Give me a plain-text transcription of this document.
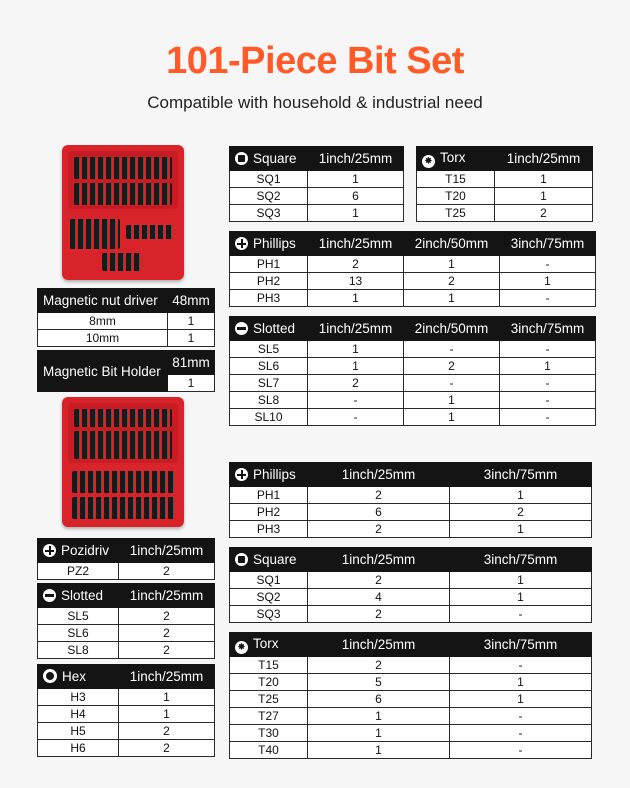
101-Piece Bit Set
Compatible with household & industrial need
Square	1inch/25mm
SQ1	1
SQ2	6
SQ3	1
✸ Torx	1inch/25mm
T15	1
T20	1
T25	2
Phillips	1inch/25mm	2inch/50mm	3inch/75mm
PH1	2	1	-
PH2	13	2	1
PH3	1	1	-
Slotted	1inch/25mm	2inch/50mm	3inch/75mm
SL5	1	-	-
SL6	1	2	1
SL7	2	-	-
SL8	-	1	-
SL10	-	1	-
Pozidriv	1inch/25mm
PZ2	2
Slotted	1inch/25mm
SL5	2
SL6	2
SL8	2
Hex	1inch/25mm
H3	1
H4	1
H5	2
H6	2
Phillips	1inch/25mm	3inch/75mm
PH1	2	1
PH2	6	2
PH3	2	1
Square	1inch/25mm	3inch/75mm
SQ1	2	1
SQ2	4	1
SQ3	2	-
✸ Torx	1inch/25mm	3inch/75mm
T15	2	-
T20	5	1
T25	6	1
T27	1	-
T30	1	-
T40	1	-
Magnetic nut driver	48mm
8mm	1
10mm	1
Magnetic Bit Holder	81mm
1
